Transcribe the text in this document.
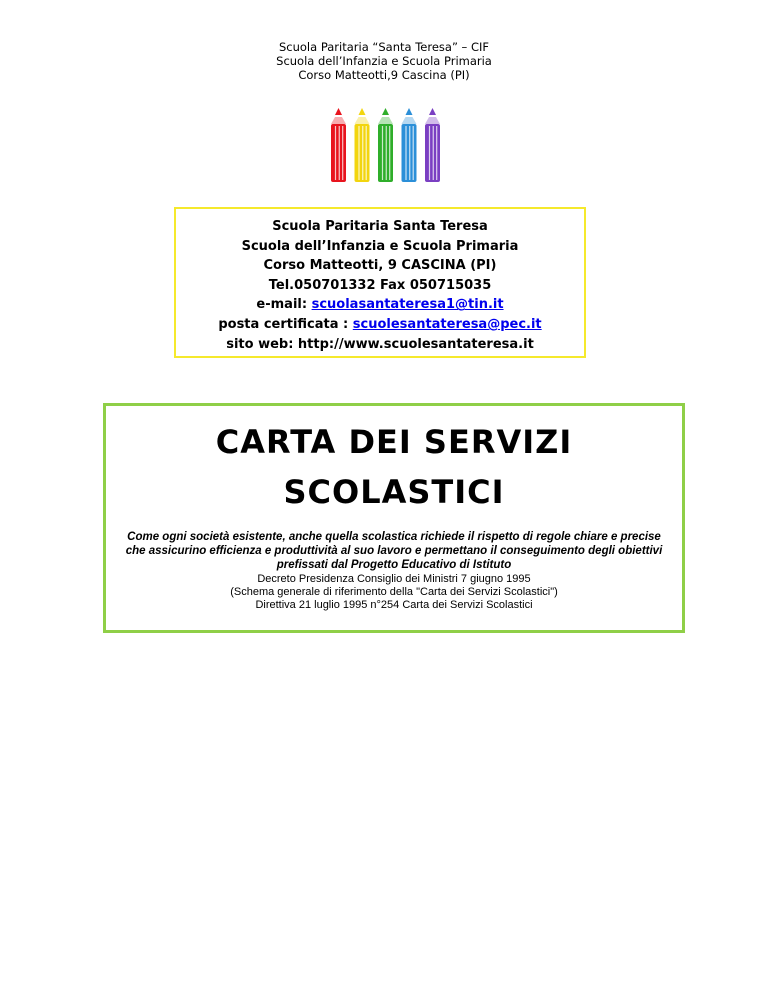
Scuola Paritaria “Santa Teresa” – CIF
Scuola dell’Infanzia e Scuola Primaria
Corso Matteotti,9 Cascina (PI)
Scuola Paritaria Santa Teresa
Scuola dell’Infanzia e Scuola Primaria
Corso Matteotti, 9 CASCINA (PI)
Tel.050701332 Fax 050715035
e-mail: scuolasantateresa1@tin.it
posta certificata : scuolesantateresa@pec.it
sito web: http://www.scuolesantateresa.it
CARTA DEI SERVIZI
SCOLASTICI
Come ogni società esistente, anche quella scolastica richiede il rispetto di regole chiare e precise che assicurino efficienza e produttività al suo lavoro e permettano il conseguimento degli obiettivi prefissati dal Progetto Educativo di Istituto
Decreto Presidenza Consiglio dei Ministri 7 giugno 1995
(Schema generale di riferimento della "Carta dei Servizi Scolastici")
Direttiva 21 luglio 1995 n°254 Carta dei Servizi Scolastici
